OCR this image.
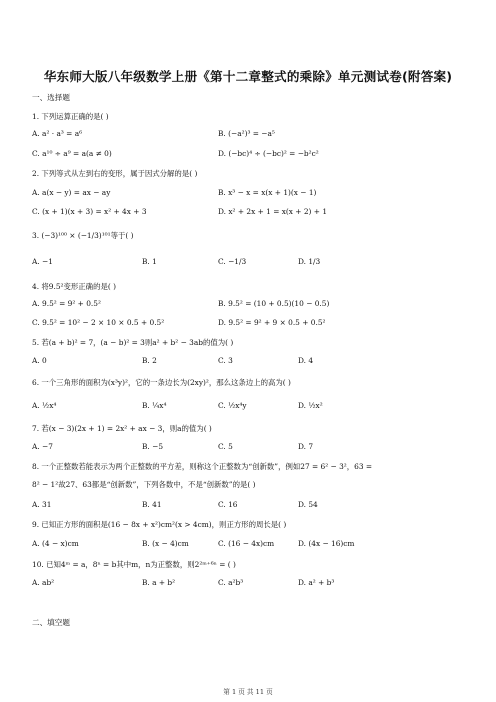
华东师大版八年级数学上册《第十二章整式的乘除》单元测试卷(附答案)
一、选择题
1. 下列运算正确的是( )
A. a² · a³ = a⁶	B. (−a²)³ = −a⁵
C. a¹⁰ ÷ a⁹ = a(a ≠ 0)	D. (−bc)⁴ ÷ (−bc)² = −b²c²
2. 下列等式从左到右的变形，属于因式分解的是( )
A. a(x − y) = ax − ay	B. x³ − x = x(x + 1)(x − 1)
C. (x + 1)(x + 3) = x² + 4x + 3	D. x² + 2x + 1 = x(x + 2) + 1
3. (−3)¹⁰⁰ × (−1/3)¹⁰¹等于( )
A. −1	B. 1	C. −1/3	D. 1/3
4. 将9.5²变形正确的是( )
A. 9.5² = 9² + 0.5²	B. 9.5² = (10 + 0.5)(10 − 0.5)
C. 9.5² = 10² − 2 × 10 × 0.5 + 0.5²	D. 9.5² = 9² + 9 × 0.5 + 0.5²
5. 若(a + b)² = 7，(a − b)² = 3则a² + b² − 3ab的值为( )
A. 0	B. 2	C. 3	D. 4
6. 一个三角形的面积为(x³y)²，它的一条边长为(2xy)²，那么这条边上的高为( )
A. ½x⁴	B. ¼x⁴	C. ½x⁴y	D. ½x²
7. 若(x − 3)(2x + 1) = 2x² + ax − 3，则a的值为( )
A. −7	B. −5	C. 5	D. 7
8. 一个正整数若能表示为两个正整数的平方差，则称这个正整数为“创新数”，例如27 = 6² − 3²，63 =
8² − 1²故27、63都是“创新数”，下列各数中，不是“创新数”的是( )
A. 31	B. 41	C. 16	D. 54
9. 已知正方形的面积是(16 − 8x + x²)cm²(x > 4cm)，则正方形的周长是( )
A. (4 − x)cm	B. (x − 4)cm	C. (16 − 4x)cm	D. (4x − 16)cm
10. 已知4ᵐ = a，8ⁿ = b其中m，n为正整数，则2²ᵐ⁺⁶ⁿ = ( )
A. ab²	B. a + b²	C. a²b³	D. a² + b³
二、填空题
第 1 页 共 11 页
